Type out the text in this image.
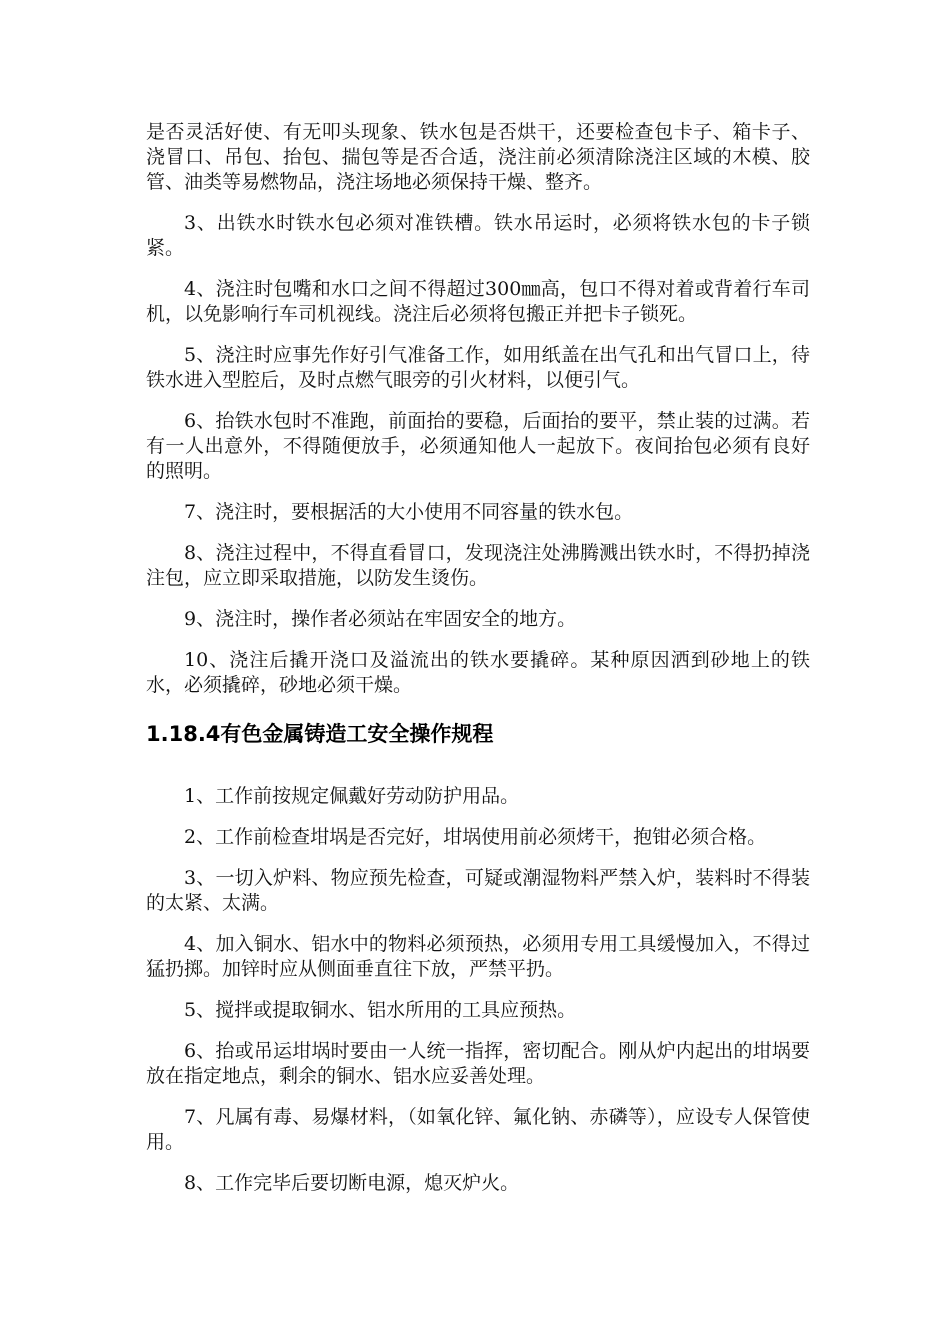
是否灵活好使、有无叩头现象、铁水包是否烘干，还要检查包卡子、箱卡子、浇冒口、吊包、抬包、揣包等是否合适，浇注前必须清除浇注区域的木模、胶管、油类等易燃物品，浇注场地必须保持干燥、整齐。

3、出铁水时铁水包必须对准铁槽。铁水吊运时，必须将铁水包的卡子锁紧。

4、浇注时包嘴和水口之间不得超过300㎜高，包口不得对着或背着行车司机，以免影响行车司机视线。浇注后必须将包搬正并把卡子锁死。

5、浇注时应事先作好引气准备工作，如用纸盖在出气孔和出气冒口上，待铁水进入型腔后，及时点燃气眼旁的引火材料，以便引气。

6、抬铁水包时不准跑，前面抬的要稳，后面抬的要平，禁止装的过满。若有一人出意外，不得随便放手，必须通知他人一起放下。夜间抬包必须有良好的照明。

7、浇注时，要根据活的大小使用不同容量的铁水包。

8、浇注过程中，不得直看冒口，发现浇注处沸腾溅出铁水时，不得扔掉浇注包，应立即采取措施，以防发生烫伤。

9、浇注时，操作者必须站在牢固安全的地方。

10、浇注后撬开浇口及溢流出的铁水要撬碎。某种原因洒到砂地上的铁水，必须撬碎，砂地必须干燥。

1.18.4有色金属铸造工安全操作规程

1、工作前按规定佩戴好劳动防护用品。

2、工作前检查坩埚是否完好，坩埚使用前必须烤干，抱钳必须合格。

3、一切入炉料、物应预先检查，可疑或潮湿物料严禁入炉，装料时不得装的太紧、太满。

4、加入铜水、铝水中的物料必须预热，必须用专用工具缓慢加入，不得过猛扔掷。加锌时应从侧面垂直往下放，严禁平扔。

5、搅拌或提取铜水、铝水所用的工具应预热。

6、抬或吊运坩埚时要由一人统一指挥，密切配合。刚从炉内起出的坩埚要放在指定地点，剩余的铜水、铝水应妥善处理。

7、凡属有毒、易爆材料，（如氧化锌、氟化钠、赤磷等），应设专人保管使用。

8、工作完毕后要切断电源，熄灭炉火。
